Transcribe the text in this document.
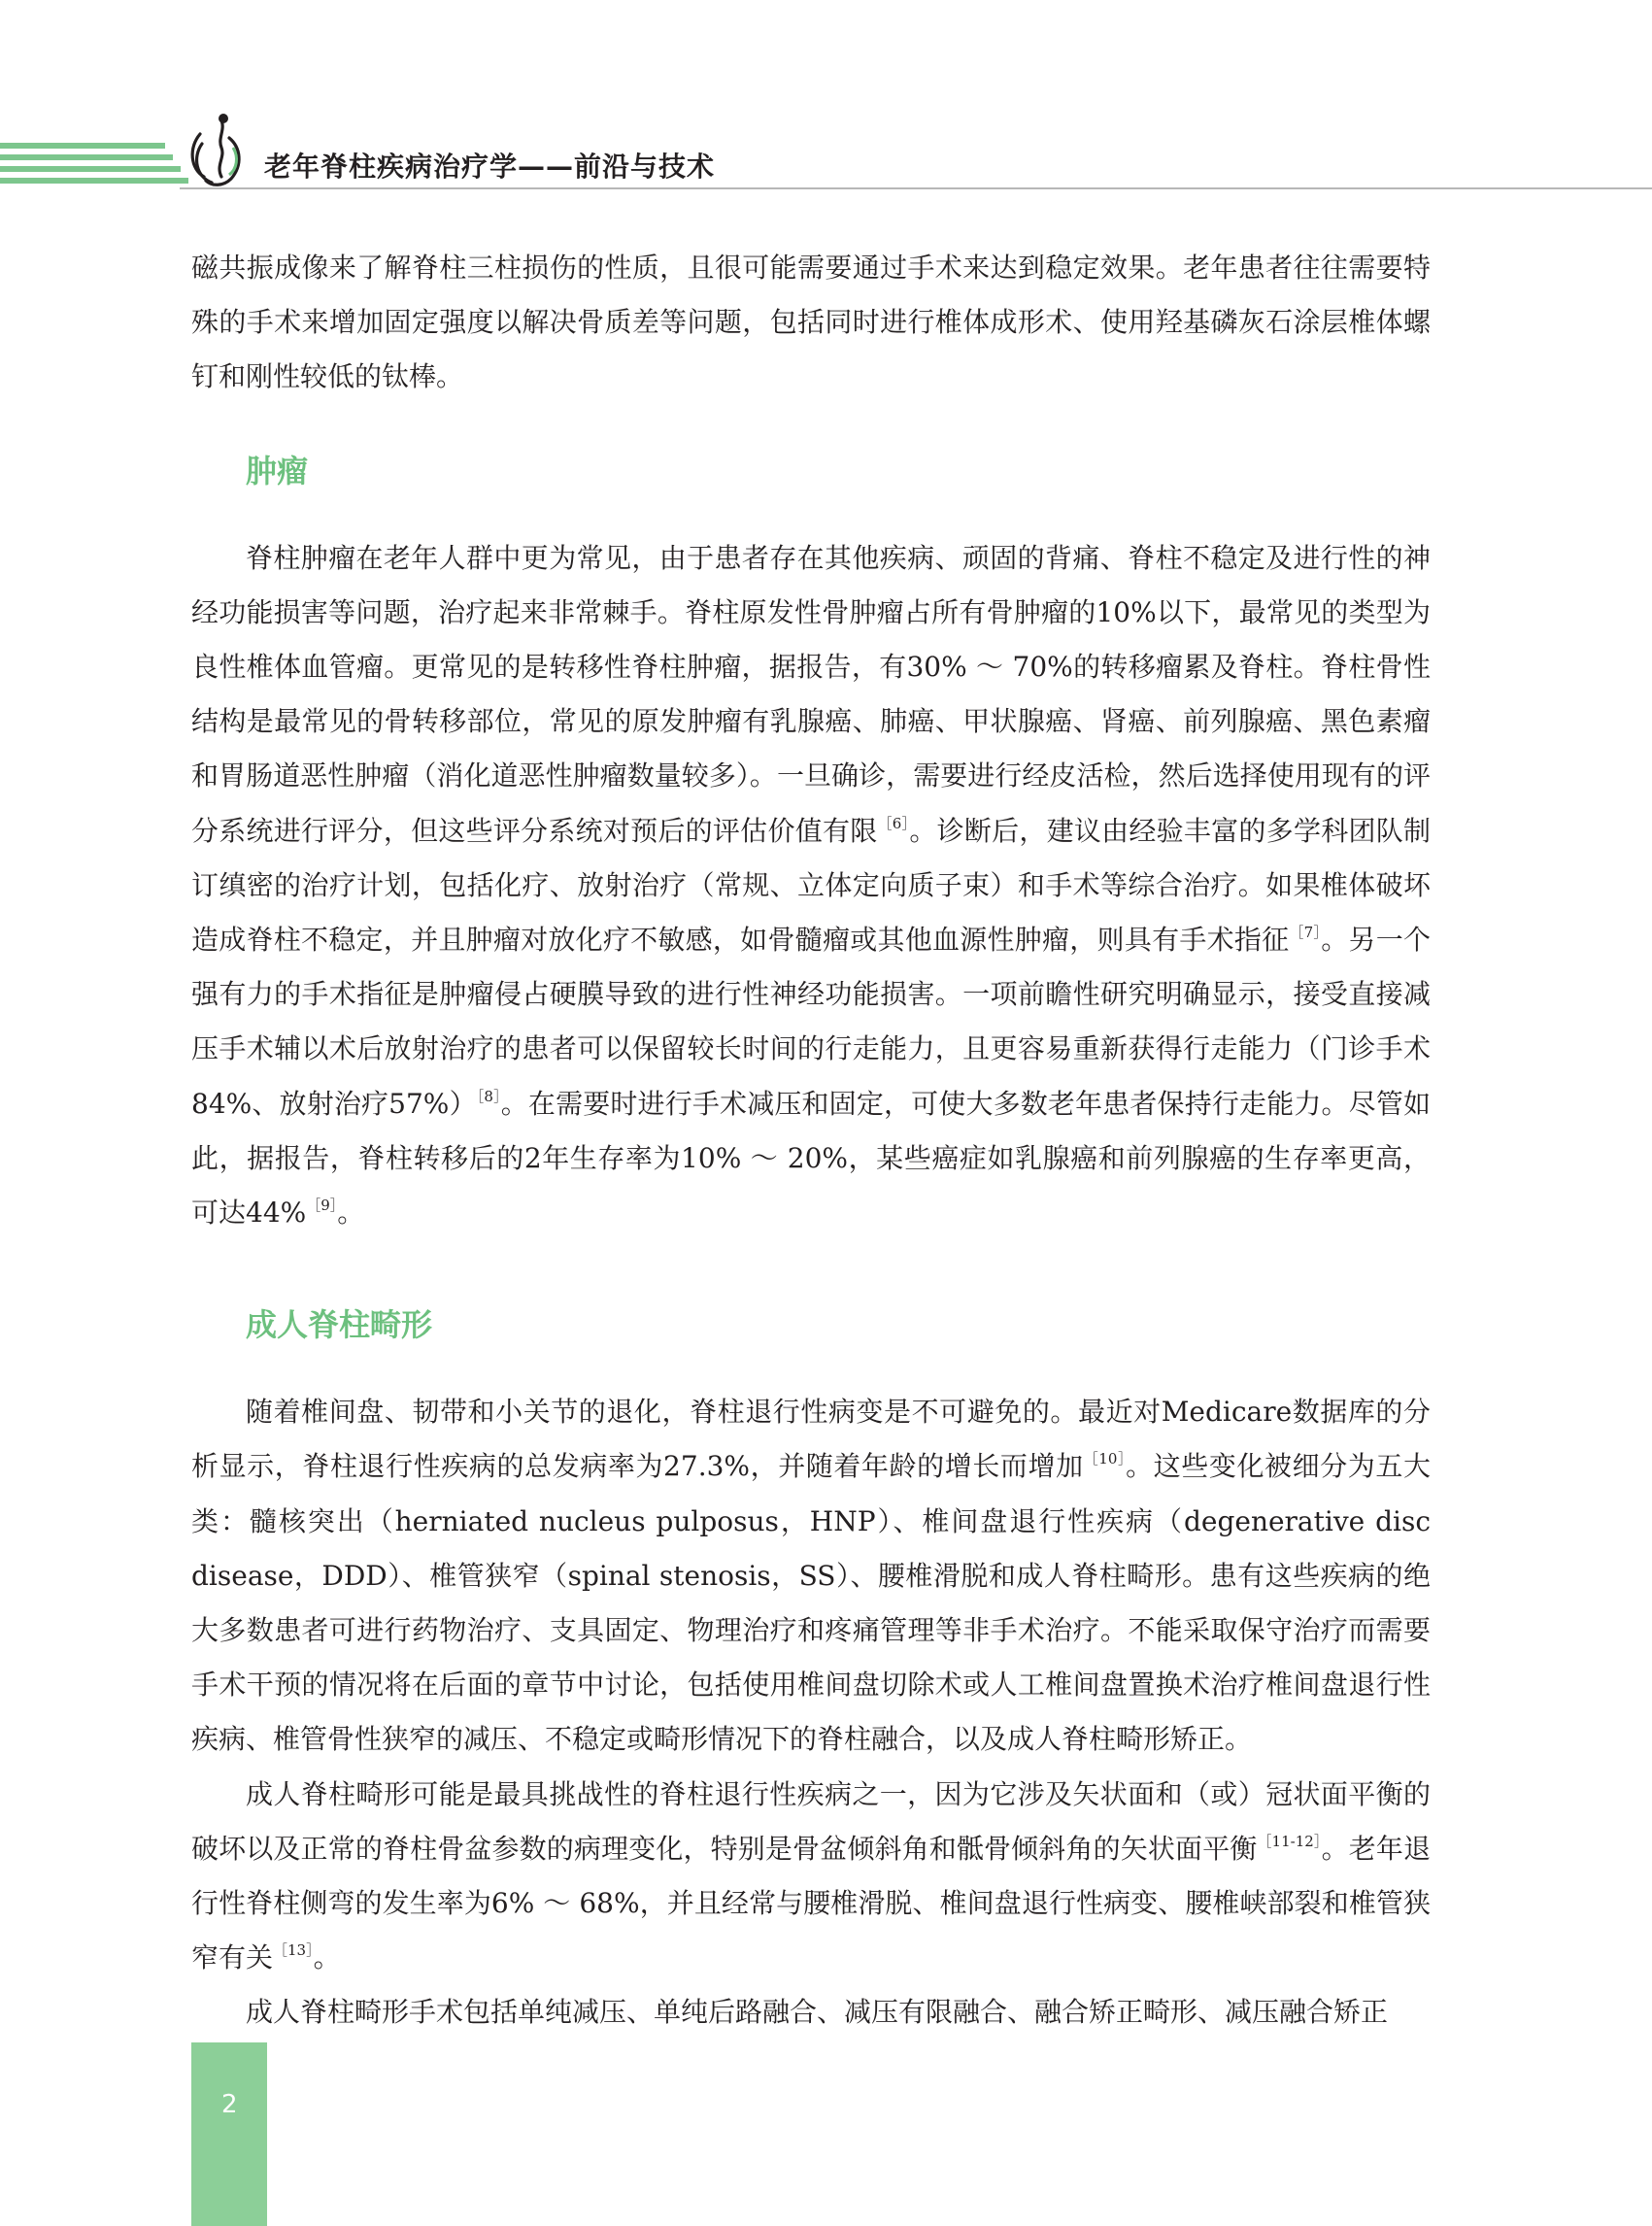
老年脊柱疾病治疗学——前沿与技术

磁共振成像来了解脊柱三柱损伤的性质，且很可能需要通过手术来达到稳定效果。老年患者往往需要特殊的手术来增加固定强度以解决骨质差等问题，包括同时进行椎体成形术、使用羟基磷灰石涂层椎体螺钉和刚性较低的钛棒。

肿瘤

脊柱肿瘤在老年人群中更为常见，由于患者存在其他疾病、顽固的背痛、脊柱不稳定及进行性的神经功能损害等问题，治疗起来非常棘手。脊柱原发性骨肿瘤占所有骨肿瘤的10%以下，最常见的类型为良性椎体血管瘤。更常见的是转移性脊柱肿瘤，据报告，有30% ～ 70%的转移瘤累及脊柱。脊柱骨性结构是最常见的骨转移部位，常见的原发肿瘤有乳腺癌、肺癌、甲状腺癌、肾癌、前列腺癌、黑色素瘤和胃肠道恶性肿瘤（消化道恶性肿瘤数量较多）。一旦确诊，需要进行经皮活检，然后选择使用现有的评分系统进行评分，但这些评分系统对预后的评估价值有限$^{[6]}$。诊断后，建议由经验丰富的多学科团队制订缜密的治疗计划，包括化疗、放射治疗（常规、立体定向质子束）和手术等综合治疗。如果椎体破坏造成脊柱不稳定，并且肿瘤对放化疗不敏感，如骨髓瘤或其他血源性肿瘤，则具有手术指征$^{[7]}$。另一个强有力的手术指征是肿瘤侵占硬膜导致的进行性神经功能损害。一项前瞻性研究明确显示，接受直接减压手术辅以术后放射治疗的患者可以保留较长时间的行走能力，且更容易重新获得行走能力（门诊手术84%、放射治疗57%）$^{[8]}$。在需要时进行手术减压和固定，可使大多数老年患者保持行走能力。尽管如此，据报告，脊柱转移后的2年生存率为10% ～ 20%，某些癌症如乳腺癌和前列腺癌的生存率更高，可达44%$^{[9]}$。

成人脊柱畸形

随着椎间盘、韧带和小关节的退化，脊柱退行性病变是不可避免的。最近对Medicare数据库的分析显示，脊柱退行性疾病的总发病率为27.3%，并随着年龄的增长而增加$^{[10]}$。这些变化被细分为五大类：髓核突出（herniated nucleus pulposus，HNP）、椎间盘退行性疾病（degenerative disc disease，DDD）、椎管狭窄（spinal stenosis，SS）、腰椎滑脱和成人脊柱畸形。患有这些疾病的绝大多数患者可进行药物治疗、支具固定、物理治疗和疼痛管理等非手术治疗。不能采取保守治疗而需要手术干预的情况将在后面的章节中讨论，包括使用椎间盘切除术或人工椎间盘置换术治疗椎间盘退行性疾病、椎管骨性狭窄的减压、不稳定或畸形情况下的脊柱融合，以及成人脊柱畸形矫正。

成人脊柱畸形可能是最具挑战性的脊柱退行性疾病之一，因为它涉及矢状面和（或）冠状面平衡的破坏以及正常的脊柱骨盆参数的病理变化，特别是骨盆倾斜角和骶骨倾斜角的矢状面平衡$^{[11-12]}$。老年退行性脊柱侧弯的发生率为6% ～ 68%，并且经常与腰椎滑脱、椎间盘退行性病变、腰椎峡部裂和椎管狭窄有关$^{[13]}$。

成人脊柱畸形手术包括单纯减压、单纯后路融合、减压有限融合、融合矫正畸形、减压融合矫正

2
